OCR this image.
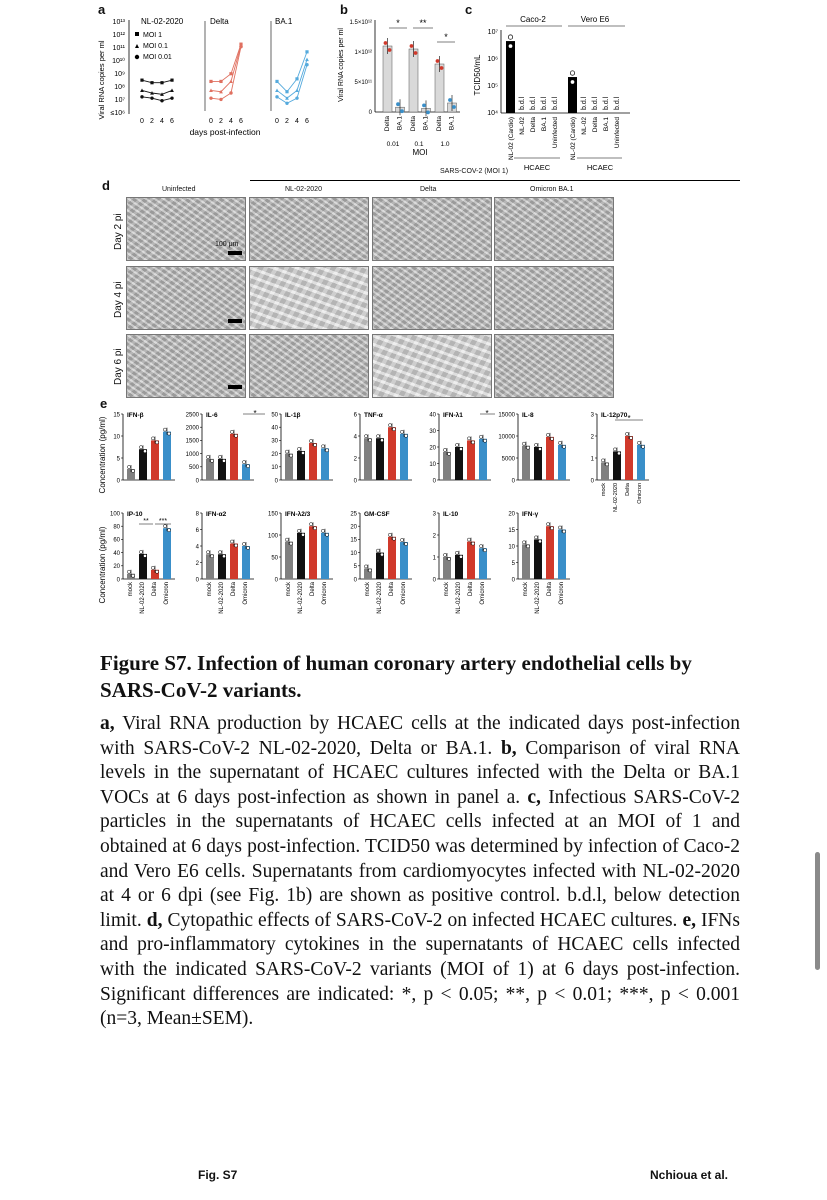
a	b	c
d
e
Viral RNA copies per ml
10¹³
10¹²
10¹¹
10¹⁰
10⁹
10⁸
10⁷
≤10⁶
NL-02-2020	Delta	BA.1
MOI 1
MOI 0.1
MOI 0.01
0 2 4 6	0 2 4 6	0 2 4 6
days post-infection
Viral RNA copies per ml
1.5×10¹²
1×10¹²
5×10¹¹
0
* **
*
Delta
0.01
BA.1 Delta
0.1
BA.1 Delta
1.0
BA.1
MOI
TCID50/mL
10⁷
10⁶
10⁵
10⁴
Caco-2	Vero E6
b.d.l b.d.l b.d.l b.d.l	b.d.l b.d.l b.d.l b.d.l
NL-02 (Cardio) NL-02 Delta BA.1 Uninfected NL-02 (Cardio) NL-02 Delta BA.1 Uninfected
HCAEC	HCAEC
SARS-COV-2 (MOI 1)
Uninfected	NL-02-2020	Delta	Omicron BA.1
Day 2 pi
Day 4 pi
Day 6 pi
100 μm
Concentration (pg/ml)
Concentration (pg/ml)
IFN-β
15
10
5
0
IL-6
2500
2000
1500
1000
500
0
IL-1β
50
40
30
20
10
0
TNF-α
6
4
2
0
IFN-λ1
40
30
20
10
0
IL-8
15000
10000
5000
0
IL-12p70
3
2
1
0
mock NL-02-2020 Delta Omicron
*	*
*
IP-10
100
80
60
40
20
0
mock NL-02-2020 Delta Omicron
IFN-α2
8
6
4
2
0
mock NL-02-2020 Delta Omicron
IFN-λ2/3
150
100
50
0
mock NL-02-2020 Delta Omicron
GM-CSF
25
20
15
10
5
0
mock NL-02-2020 Delta Omicron
IL-10
3
2
1
0
mock NL-02-2020 Delta Omicron
IFN-γ
20
15
10
5
0
mock NL-02-2020 Delta Omicron
** ***
Figure S7. Infection of human coronary artery endothelial cells by SARS-CoV-2 variants.
a, Viral RNA production by HCAEC cells at the indicated days post-infection with SARS-CoV-2 NL-02-2020, Delta or BA.1. b, Comparison of viral RNA levels in the supernatant of HCAEC cultures infected with the Delta or BA.1 VOCs at 6 days post-infection as shown in panel a. c, Infectious SARS-CoV-2 particles in the supernatants of HCAEC cells infected at an MOI of 1 and obtained at 6 days post-infection. TCID50 was determined by infection of Caco-2 and Vero E6 cells. Supernatants from cardiomyocytes infected with NL-02-2020 at 4 or 6 dpi (see Fig. 1b) are shown as positive control. b.d.l, below detection limit. d, Cytopathic effects of SARS-CoV-2 on infected HCAEC cultures. e, IFNs and pro-inflammatory cytokines in the supernatants of HCAEC cells infected with the indicated SARS-CoV-2 variants (MOI of 1) at 6 days post-infection. Significant differences are indicated: *, p < 0.05; **, p < 0.01; ***, p < 0.001 (n=3, Mean±SEM).
Fig. S7	Nchioua et al.
